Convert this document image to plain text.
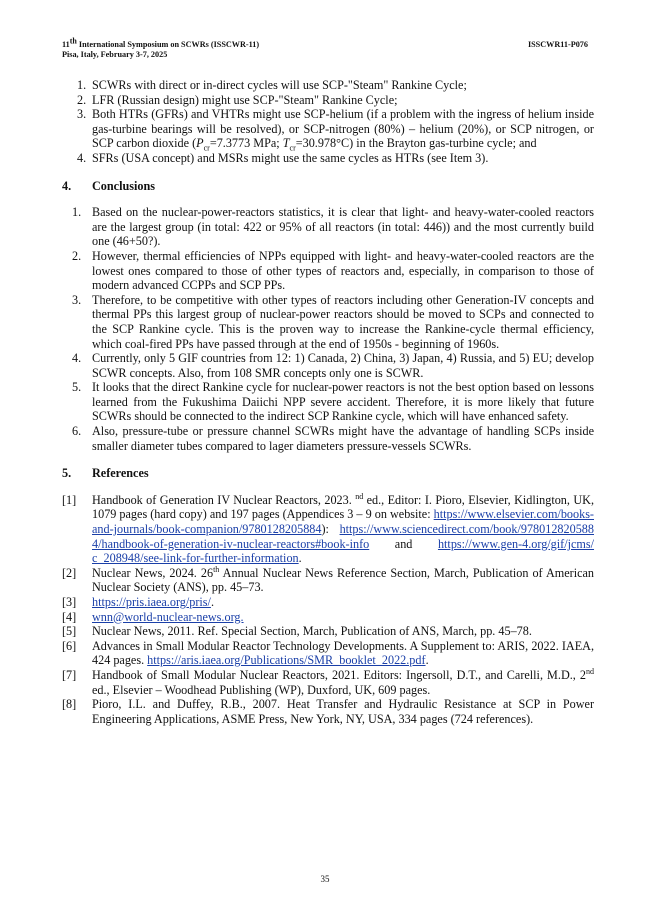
11th International Symposium on SCWRs (ISSCWR-11)
Pisa, Italy, February 3-7, 2025
ISSCWR11-P076
1. SCWRs with direct or in-direct cycles will use SCP-"Steam" Rankine Cycle;
2. LFR (Russian design) might use SCP-"Steam" Rankine Cycle;
3. Both HTRs (GFRs) and VHTRs might use SCP-helium (if a problem with the ingress of helium inside gas-turbine bearings will be resolved), or SCP-nitrogen (80%) – helium (20%), or SCP nitrogen, or SCP carbon dioxide ($P_{cr}=7.3773$ MPa; $T_{cr}=30.978^\circ C$) in the Brayton gas-turbine cycle; and
4. SFRs (USA concept) and MSRs might use the same cycles as HTRs (see Item 3).
4. Conclusions
1. Based on the nuclear-power-reactors statistics, it is clear that light- and heavy-water-cooled reactors are the largest group (in total: 422 or 95% of all reactors (in total: 446)) and the most currently build one (46+50?).
2. However, thermal efficiencies of NPPs equipped with light- and heavy-water-cooled reactors are the lowest ones compared to those of other types of reactors and, especially, in comparison to those of modern advanced CCPPs and SCP PPs.
3. Therefore, to be competitive with other types of reactors including other Generation-IV concepts and thermal PPs this largest group of nuclear-power reactors should be moved to SCPs and connected to the SCP Rankine cycle. This is the proven way to increase the Rankine-cycle thermal efficiency, which coal-fired PPs have passed through at the end of 1950s - beginning of 1960s.
4. Currently, only 5 GIF countries from 12: 1) Canada, 2) China, 3) Japan, 4) Russia, and 5) EU; develop SCWR concepts. Also, from 108 SMR concepts only one is SCWR.
5. It looks that the direct Rankine cycle for nuclear-power reactors is not the best option based on lessons learned from the Fukushima Daiichi NPP severe accident. Therefore, it is more likely that future SCWRs should be connected to the indirect SCP Rankine cycle, which will have enhanced safety.
6. Also, pressure-tube or pressure channel SCWRs might have the advantage of handling SCPs inside smaller diameter tubes compared to lager diameters pressure-vessels SCWRs.
5. References
[1] Handbook of Generation IV Nuclear Reactors, 2023. $^{nd}$ ed., Editor: I. Pioro, Elsevier, Kidlington, UK, 1079 pages (hard copy) and 197 pages (Appendices 3 – 9 on website: https://www.elsevier.com/books-and-journals/book-companion/9780128205884): https://www.sciencedirect.com/book/9780128205884/handbook-of-generation-iv-nuclear-reactors#book-info and https://www.gen-4.org/gif/jcms/c_208948/see-link-for-further-information.
[2] Nuclear News, 2024. 26th Annual Nuclear News Reference Section, March, Publication of American Nuclear Society (ANS), pp. 45–73.
[3] https://pris.iaea.org/pris/.
[4] wnn@world-nuclear-news.org.
[5] Nuclear News, 2011. Ref. Special Section, March, Publication of ANS, March, pp. 45–78.
[6] Advances in Small Modular Reactor Technology Developments. A Supplement to: ARIS, 2022. IAEA, 424 pages. https://aris.iaea.org/Publications/SMR_booklet_2022.pdf.
[7] Handbook of Small Modular Nuclear Reactors, 2021. Editors: Ingersoll, D.T., and Carelli, M.D., 2nd ed., Elsevier – Woodhead Publishing (WP), Duxford, UK, 609 pages.
[8] Pioro, I.L. and Duffey, R.B., 2007. Heat Transfer and Hydraulic Resistance at SCP in Power Engineering Applications, ASME Press, New York, NY, USA, 334 pages (724 references).
35
